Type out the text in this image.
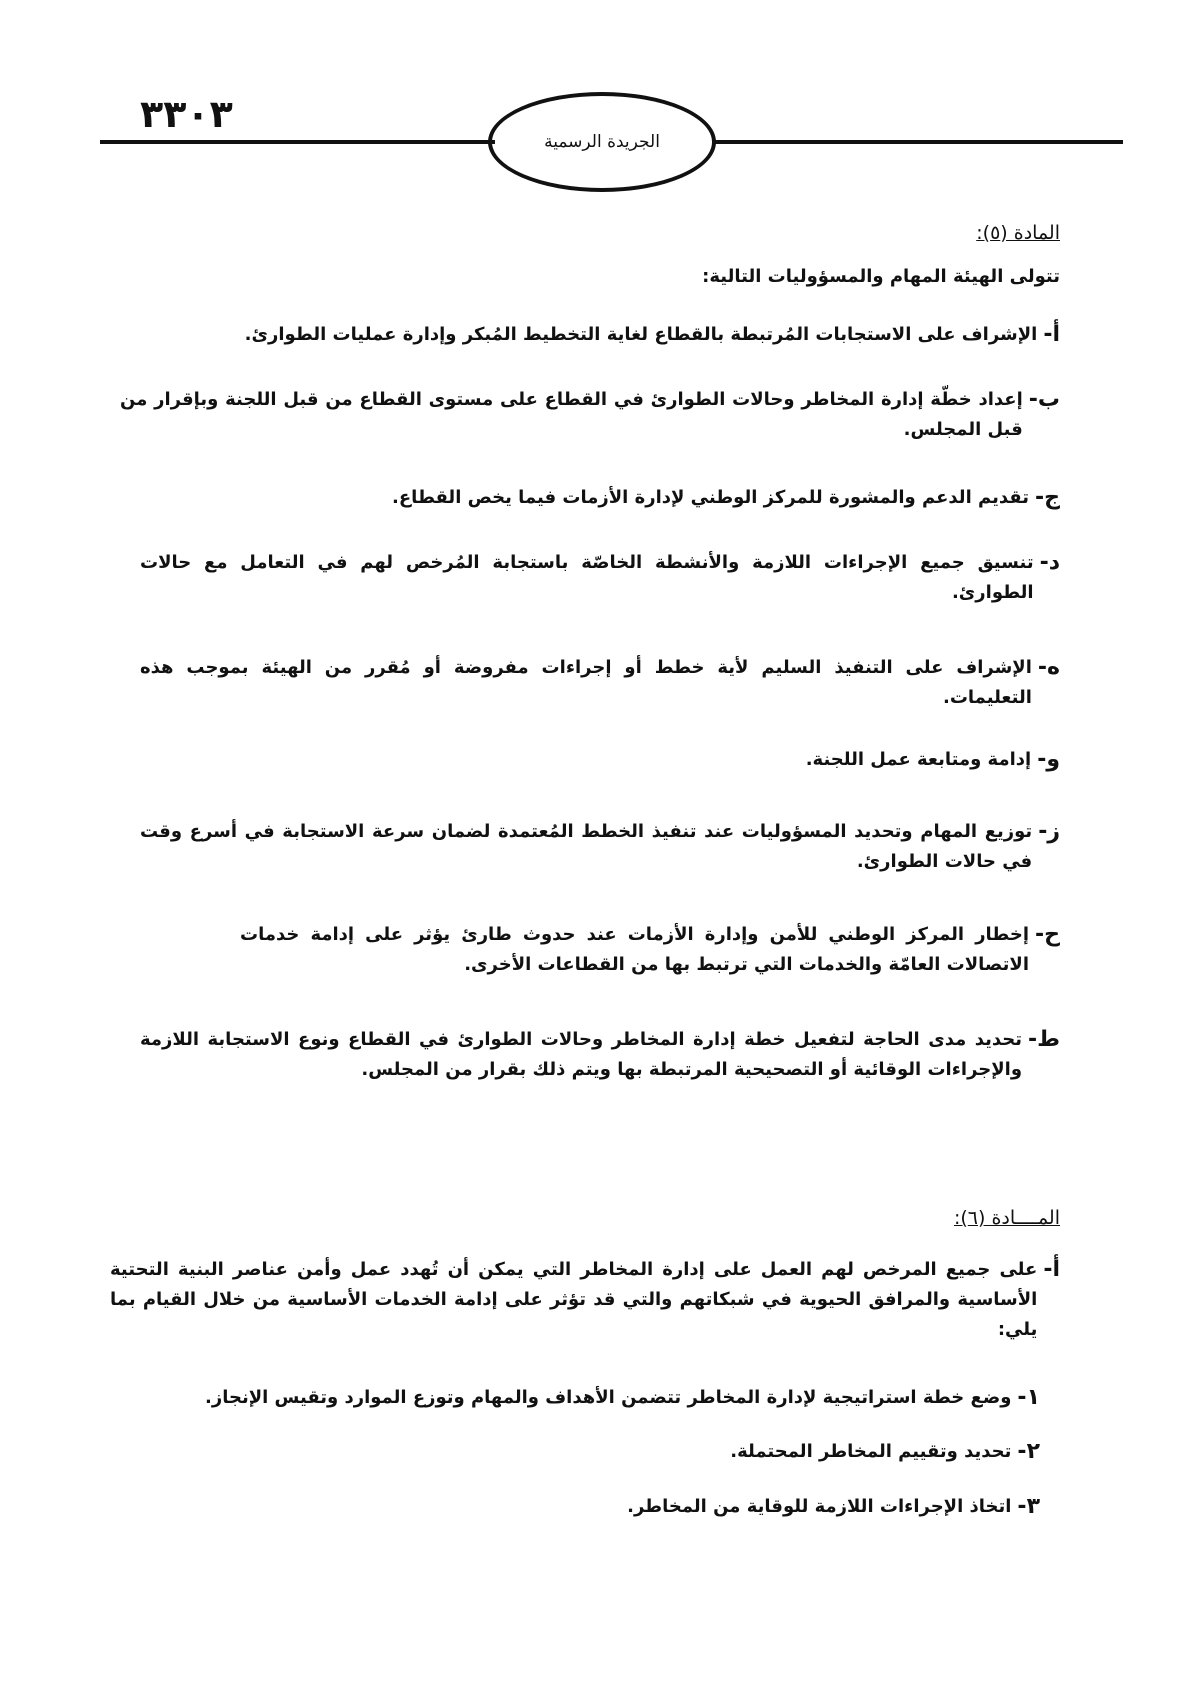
الجريدة الرسمية
٣٣٠٣
المادة (٥):
تتولى الهيئة المهام والمسؤوليات التالية:
أ-
الإشراف على الاستجابات المُرتبطة بالقطاع لغاية التخطيط المُبكر وإدارة عمليات الطوارئ.
ب-
إعداد خطّة إدارة المخاطر وحالات الطوارئ في القطاع على مستوى القطاع من قبل اللجنة وبإقرار من قبل المجلس.
ج-
تقديم الدعم والمشورة للمركز الوطني لإدارة الأزمات فيما يخص القطاع.
د-
تنسيق جميع الإجراءات اللازمة والأنشطة الخاصّة باستجابة المُرخص لهم في التعامل مع حالات الطوارئ.
ه-
الإشراف على التنفيذ السليم لأية خطط أو إجراءات مفروضة أو مُقرر من الهيئة بموجب هذه التعليمات.
و-
إدامة ومتابعة عمل اللجنة.
ز-
توزيع المهام وتحديد المسؤوليات عند تنفيذ الخطط المُعتمدة لضمان سرعة الاستجابة في أسرع وقت في حالات الطوارئ.
ح-
إخطار المركز الوطني للأمن وإدارة الأزمات عند حدوث طارئ يؤثر على إدامة خدمات الاتصالات العامّة والخدمات التي ترتبط بها من القطاعات الأخرى.
ط-
تحديد مدى الحاجة لتفعيل خطة إدارة المخاطر وحالات الطوارئ في القطاع ونوع الاستجابة اللازمة والإجراءات الوقائية أو التصحيحية المرتبطة بها ويتم ذلك بقرار من المجلس.
المــــادة (٦):
أ-
على جميع المرخص لهم العمل على إدارة المخاطر التي يمكن أن تُهدد عمل وأمن عناصر البنية التحتية الأساسية والمرافق الحيوية في شبكاتهم والتي قد تؤثر على إدامة الخدمات الأساسية من خلال القيام بما يلي:
١-
وضع خطة استراتيجية لإدارة المخاطر تتضمن الأهداف والمهام وتوزع الموارد وتقيس الإنجاز.
٢-
تحديد وتقييم المخاطر المحتملة.
٣-
اتخاذ الإجراءات اللازمة للوقاية من المخاطر.
